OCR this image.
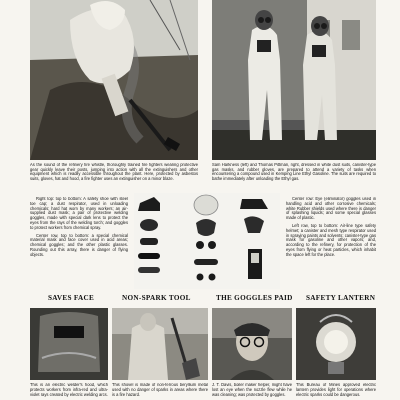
As the sound of the refinery fire whistle, thoroughly trained fire fighters wearing protective gear quickly leave their posts, jumping into action with all the extinguishers and other equipment which is readily accessible throughout the plant. Here, protected by asbestos suits, gloves, hat and hood, a fire fighter uses an extinguisher on a minor blaze.
Sam Harkness (left) and Thomas Pittman, right, dressed in white dust suits, canister-type gas masks, and rubber gloves, are prepared to attend a variety of tasks when encountering a compound used in Kemping Line Ethyl Gasoline. The suits are required to bathe immediately after unloading the Ethyl gas.

Right top: top to bottom: A safety shoe with steel toe cap; a dust respirator, used in unloading chemicals; hard hat worn by many workers; an air-supplied dust mask; a pair of protective welding goggles, made with special dark lens to protect the eyes from the rays of the welding torch; and goggles to protect workers from chemical spray.

Center row, top to bottom: a special chemical material mask and face cover used in acid areas; chemical goggles; and the other plastic glasses. Rounding out this array, there is danger of flying objects.

Center row: Eye (eliminator) goggles used in handling acid and other corrosive chemicals; white Rubber shields used where there is danger of splashing liquids; and some special glasses made of plastic.

Left row, top to bottom: Air-line type safety helmet; a canister and mesh type respirator used in spraying paints and solvents; canister-type gas mask for gasoline and other vapors; and, according to the refinery, for protection of the eyes from flying or heat particles, which inhabit the space left for the place.

SAVES FACE	NON-SPARK TOOL	THE GOGGLES PAID SAFETY LANTERN
This is an electric welder's hood, which protects workers from infra-red and ultra-violet rays created by electric welding arcs.
This shovel is made of non-ferrous beryllium metal used with no danger of sparks in areas where there is a fire hazard.
J. T. Davis, boiler maker helper, might have lost an eye when the nozzle flew while he was cleaning; was protected by goggles.
This Bureau of Mines approved electric lantern provides light for operations where electric sparks could be dangerous.
